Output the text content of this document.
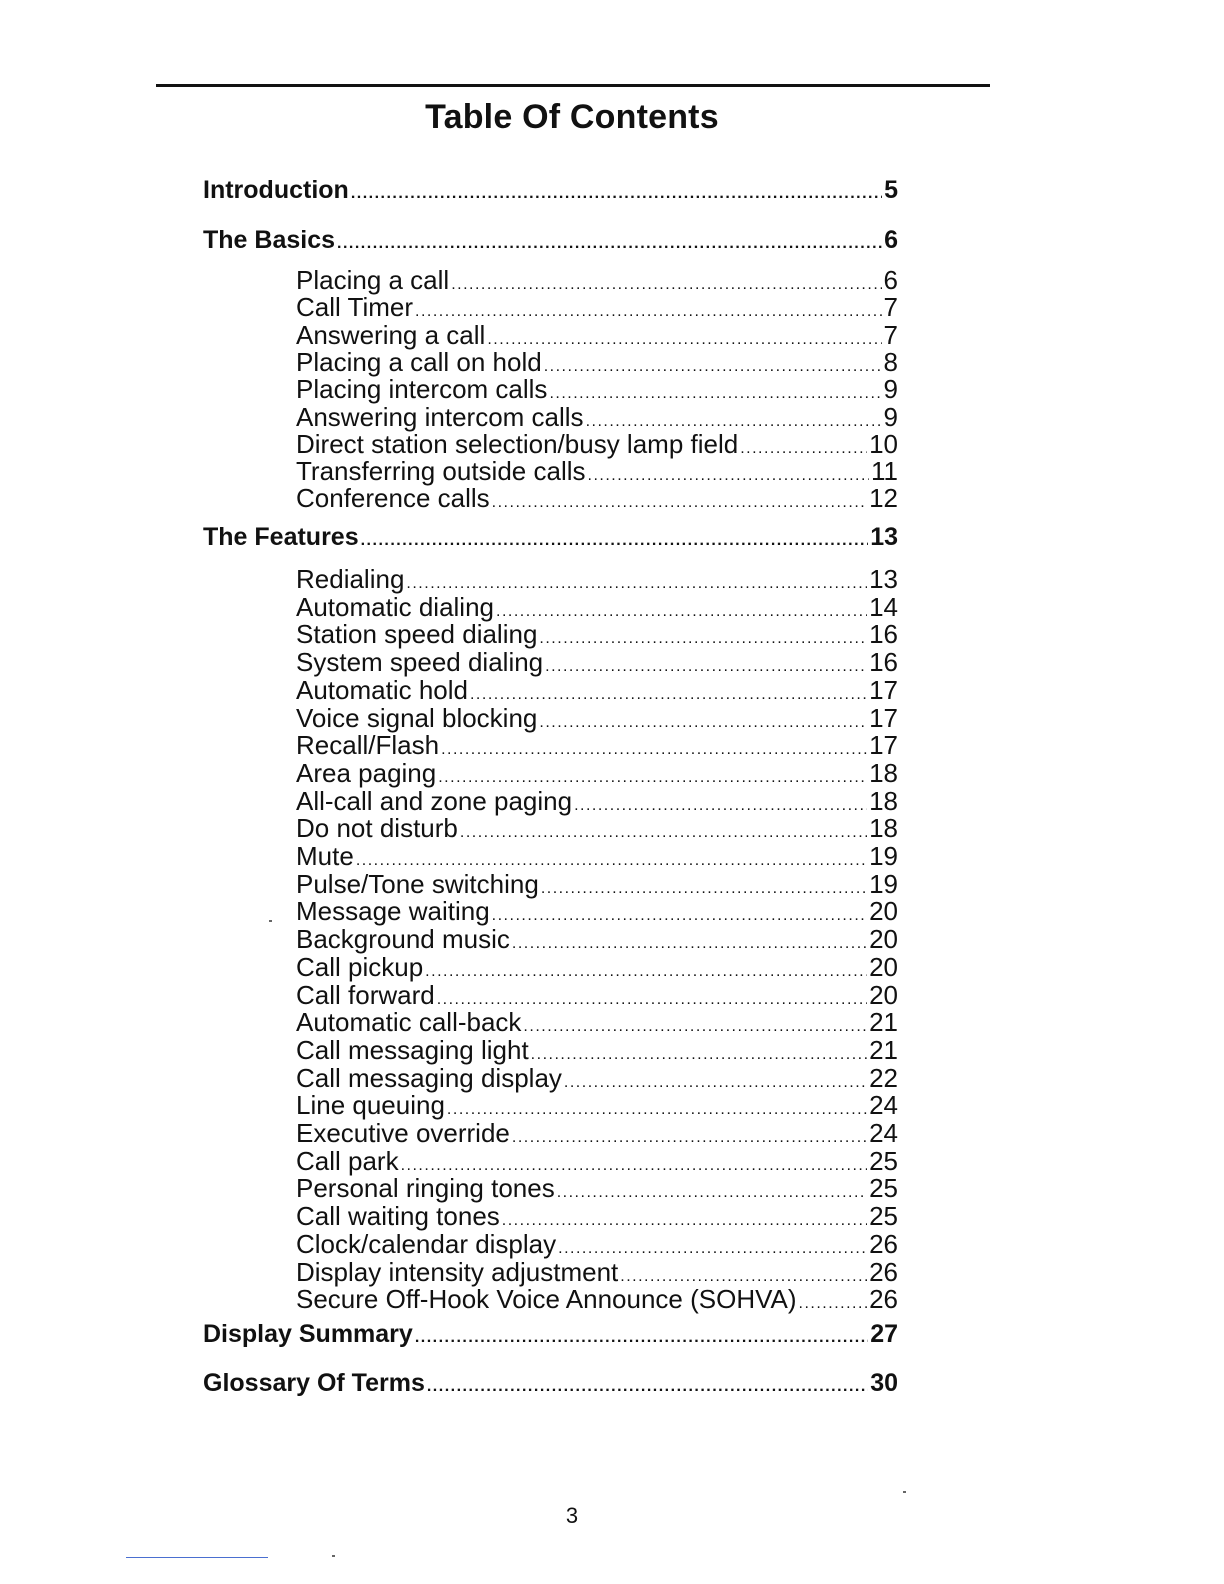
Table Of Contents
Introduction .....	5
The Basics .....	6
Placing a call .....	6
Call Timer .....	7
Answering a call .....	7
Placing a call on hold .....	8
Placing intercom calls .....	9
Answering intercom calls .....	9
Direct station selection/busy lamp field .....	10
Transferring outside calls .....	11
Conference calls .....	12
The Features .....	13
Redialing .....	13
Automatic dialing .....	14
Station speed dialing .....	16
System speed dialing .....	16
Automatic hold .....	17
Voice signal blocking .....	17
Recall/Flash .....	17
Area paging .....	18
All-call and zone paging .....	18
Do not disturb .....	18
Mute .....	19
Pulse/Tone switching .....	19
Message waiting .....	20
Background music .....	20
Call pickup .....	20
Call forward .....	20
Automatic call-back .....	21
Call messaging light .....	21
Call messaging display .....	22
Line queuing .....	24
Executive override .....	24
Call park .....	25
Personal ringing tones .....	25
Call waiting tones .....	25
Clock/calendar display .....	26
Display intensity adjustment .....	26
Secure Off-Hook Voice Announce (SOHVA) .....	26
Display Summary .....	27
Glossary Of Terms .....	30
3
